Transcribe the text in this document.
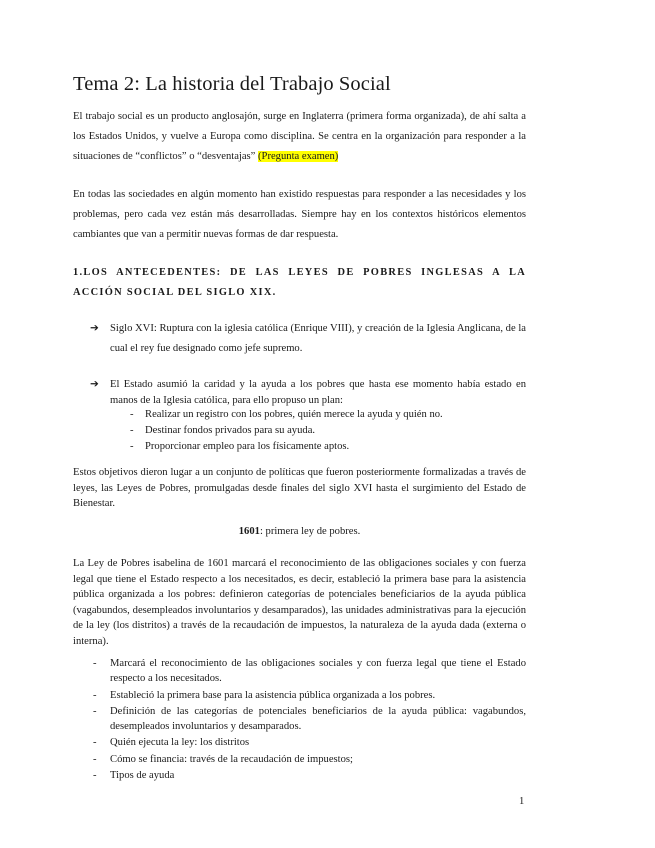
Tema 2: La historia del Trabajo Social

El trabajo social es un producto anglosajón, surge en Inglaterra (primera forma organizada), de ahí salta a los Estados Unidos, y vuelve a Europa como disciplina. Se centra en la organización para responder a la situaciones de “conflictos” o “desventajas” (Pregunta examen)

En todas las sociedades en algún momento han existido respuestas para responder a las necesidades y los problemas, pero cada vez están más desarrolladas. Siempre hay en los contextos históricos elementos cambiantes que van a permitir nuevas formas de dar respuesta.

1.LOS ANTECEDENTES: DE LAS LEYES DE POBRES INGLESAS A LA ACCIÓN SOCIAL DEL SIGLO XIX.

➔ Siglo XVI: Ruptura con la iglesia católica (Enrique VIII), y creación de la Iglesia Anglicana, de la cual el rey fue designado como jefe supremo.
➔ El Estado asumió la caridad y la ayuda a los pobres que hasta ese momento había estado en manos de la Iglesia católica, para ello propuso un plan:
- Realizar un registro con los pobres, quién merece la ayuda y quién no.
- Destinar fondos privados para su ayuda.
- Proporcionar empleo para los físicamente aptos.

Estos objetivos dieron lugar a un conjunto de políticas que fueron posteriormente formalizadas a través de leyes, las Leyes de Pobres, promulgadas desde finales del siglo XVI hasta el surgimiento del Estado de Bienestar.

1601: primera ley de pobres.

La Ley de Pobres isabelina de 1601 marcará el reconocimiento de las obligaciones sociales y con fuerza legal que tiene el Estado respecto a los necesitados, es decir, estableció la primera base para la asistencia pública organizada a los pobres: definieron categorías de potenciales beneficiarios de la ayuda pública (vagabundos, desempleados involuntarios y desamparados), las unidades administrativas para la ejecución de la ley (los distritos) a través de la recaudación de impuestos, la naturaleza de la ayuda dada (externa o interna).

- Marcará el reconocimiento de las obligaciones sociales y con fuerza legal que tiene el Estado respecto a los necesitados.
- Estableció la primera base para la asistencia pública organizada a los pobres.
- Definición de las categorías de potenciales beneficiarios de la ayuda pública: vagabundos, desempleados involuntarios y desamparados.
- Quién ejecuta la ley: los distritos
- Cómo se financia: través de la recaudación de impuestos;
- Tipos de ayuda
1
